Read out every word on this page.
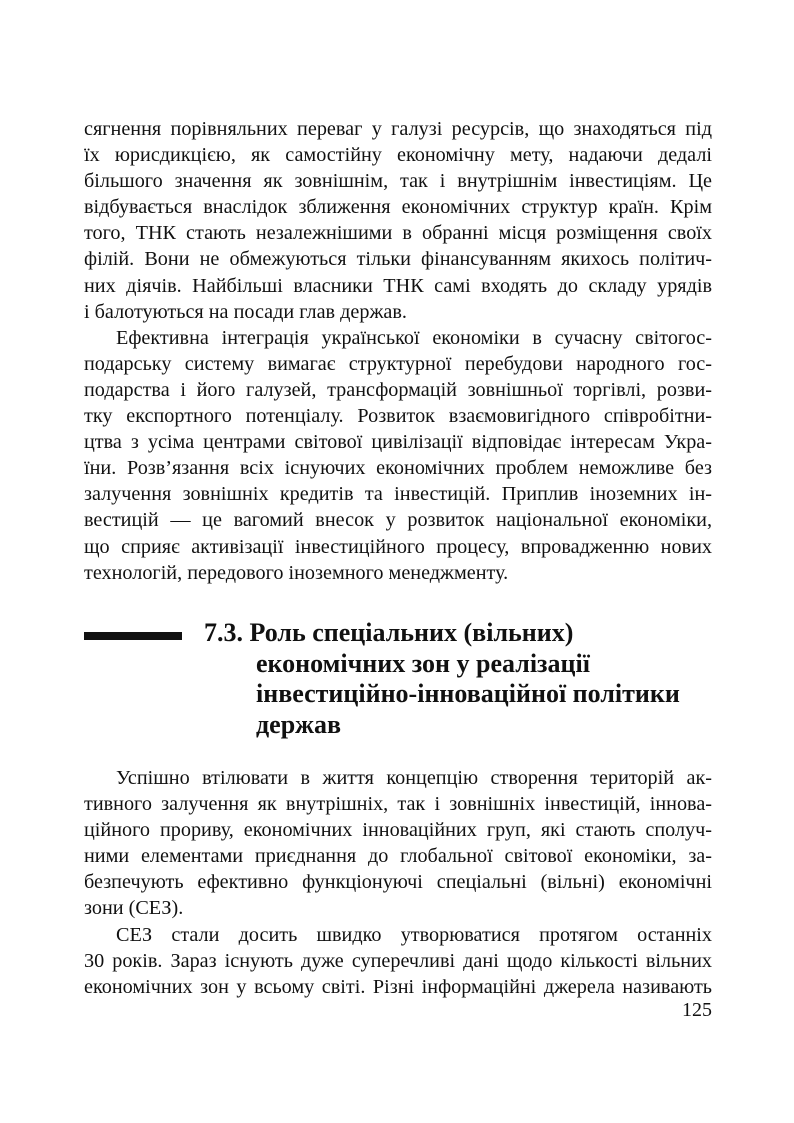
сягнення порівняльних переваг у галузі ресурсів, що знаходяться під
їх юрисдикцією, як самостійну економічну мету, надаючи дедалі
більшого значення як зовнішнім, так і внутрішнім інвестиціям. Це
відбувається внаслідок зближення економічних структур країн. Крім
того, ТНК стають незалежнішими в обранні місця розміщення своїх
філій. Вони не обмежуються тільки фінансуванням якихось політич-
них діячів. Найбільші власники ТНК самі входять до складу урядів
і балотуються на посади глав держав.
Ефективна інтеграція української економіки в сучасну світогос-
подарську систему вимагає структурної перебудови народного гос-
подарства і його галузей, трансформацій зовнішньої торгівлі, розви-
тку експортного потенціалу. Розвиток взаємовигідного співробітни-
цтва з усіма центрами світової цивілізації відповідає інтересам Укра-
їни. Розв’язання всіх існуючих економічних проблем неможливе без
залучення зовнішніх кредитів та інвестицій. Приплив іноземних ін-
вестицій — це вагомий внесок у розвиток національної економіки,
що сприяє активізації інвестиційного процесу, впровадженню нових
технологій, передового іноземного менеджменту.
7.3. Роль спеціальних (вільних)
економічних зон у реалізації
інвестиційно-інноваційної політики
держав
Успішно втілювати в життя концепцію створення територій ак-
тивного залучення як внутрішніх, так і зовнішніх інвестицій, іннова-
ційного прориву, економічних інноваційних груп, які стають сполуч-
ними елементами приєднання до глобальної світової економіки, за-
безпечують ефективно функціонуючі спеціальні (вільні) економічні
зони (СЕЗ).
СЕЗ стали досить швидко утворюватися протягом останніх
30 років. Зараз існують дуже суперечливі дані щодо кількості вільних
економічних зон у всьому світі. Різні інформаційні джерела називають
125
